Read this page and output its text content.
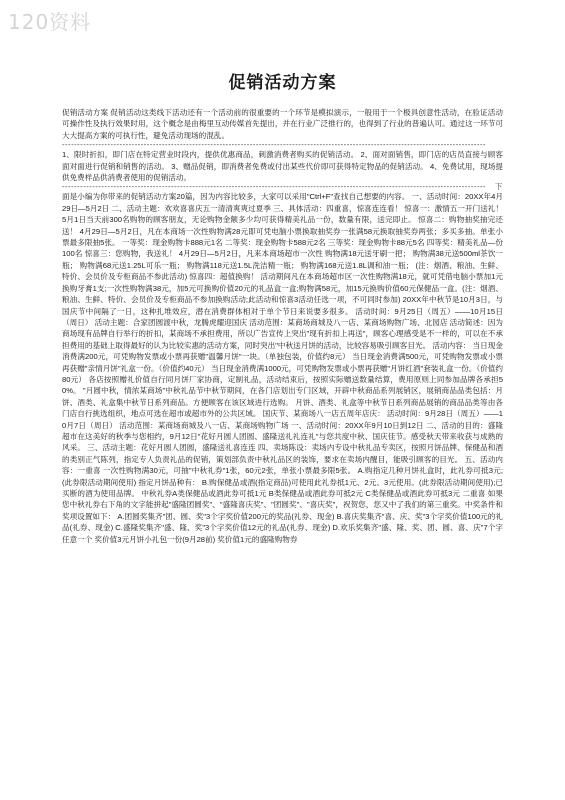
120资料
促销活动方案

促销活动方案 促销活动这类线下活动还有一个活动前的很重要的一个环节是模拟演示，一般用于一个极具创意性活动，在验证活动可操作性及执行效果时用，这个概念是由梅里互动传媒首先提出，并在行业广泛推行的，也得到了行业的普遍认可。通过这一环节可大大提高方案的可执行性，避免活动现场的混乱。

--------------------------------------------------------------------------------------------------------------------------------------------

1、限时折扣，即门店在特定营业时段内，提供优惠商品，刺激消费者购买的促销活动。 2、面对面销售，即门店的店员直接与顾客面对面进行促销和销售的活动。 3、赠品促销，即消费者免费或付出某些代价即可获得特定物品的促销活动。 4、免费试用，现场提供免费样品供消费者使用的促销活动。

--------------------------------------------------------------------------------------------------------------------------------------------	下

面是小编为你带来的促销活动方案20篇，因为内容比较多，大家可以采用"Ctrl+F"查找自己想要的内容。 一、活动时间：20XX年4月29日—5月2日 二、活动主题：欢欢喜喜庆五一清清爽爽过夏季 三、具体活动：四重喜，惊喜连连看！ 惊喜一：激情五一开门送礼！ 5月1日当天前300名购物的顾客朋友，无论购物金额多少均可获得精美礼品一份，数量有限，送完即止。 惊喜二：购物抽奖抽完还送！ 4月29日—5月2日，凡在本商场一次性购物满28元即可凭电脑小票换取抽奖券一张满58元换取抽奖券两张；多买多抽。单张小票最多限抽5张。 一等奖：现金购物卡888元1名 二等奖：现金购物卡588元2名 三等奖：现金购物卡88元5名 四等奖：精美礼品—份100名 惊喜三：您购物，我送礼！ 4月29日—5月2日，凡来本商场超市一次性 购物满18元送牙刷一把； 购物满38元送500ml茶饮一瓶； 购物满68元送1.25L可乐一瓶； 购物满118元送1.5L洗洁精一瓶； 购物满168元送1.8L调和油一瓶； (注：烟酒、粮油、生鲜、特价、会员价及专柜商品不参此活动) 惊喜四：超值换购！ 活动期间凡在本商场超市区一次性购物满18元，就可凭借电脑小票加1元换购牙膏1支;一次性购物满38元，加5元可换购价值20元的礼品盒一盒;购物满58元，加15元换购价值60元保健品一盒。(注：烟酒、粮油、生鲜、特价、会员价及专柜商品不参加换购活动;此活动和惊喜3活动任选一项，不可同时参加) 20XX年中秋节是10月3日，与国庆节中间隔了一日，这种扎堆效应，潜在消费群体相对于单个节日来说要多很多。 活动时间：9月25日（周五）——10月15日（周日） 活动主题：合家团圆渡中秋，龙腾虎耀迎国庆 活动范围：某商场商城及八一店、某商场购物广场、北园店 活动简述：因为商场现有品牌自行举行的折扣，某商场不承担费用，所以广告宣传上突出"现有折扣上再送"，顾客心理感受是不一样的，可以在不承担费用的基础上取得最好的认为比较实惠的活动方案，同时突出"中秋送月饼的活动，比较容易吸引顾客目光。 活动内容： 当日现金消费满200元，可凭购物发票或小票再获赠"温馨月饼"一块。（单独包装，价值约8元） 当日现金消费满500元，可凭购物发票或小票再获赠"亲情月饼"礼盒一份。（价值约40元） 当日现金消费满1000元，可凭购物发票或小票再获赠"月饼红酒"套装礼盒一份。（价值约80元） 各店按照赠礼价值自行同月饼厂家协商，定制礼品，活动结束后，按照实际赠送数量结算，费用原则上同参加品牌各承担50%。 "月圆中秋，情浓某商场"中秋礼品节中秋节期间，在各门店划出专门区域，开辟中秋商品系列展销区，展销商品品类包括：月饼、酒类、礼盒集中秋节日系列商品。方便顾客在该区域进行选购。 月饼、酒类、礼盒等中秋节日系列商品展销的商品品类等由各门店自行挑选组织，地点可选在超市或超市外的公共区域。 国庆节、某商场八一店五周年店庆： 活动时间：9月28日（周五）——10月7日（周日） 活动范围：某商场商城及八一店、某商场购物广场 一、活动时间：20XX年9月10日到12日 二、活动的目的：盛隆超市在这美好的秋季与您相约，9月12日"花好月圆人团圆、盛隆送礼礼连礼"与您共度中秋、国庆佳节。感受秋天带来收获与成熟的风采。 三、活动主题：花好月圆人团圆，盛隆送礼喜连连 四、卖场陈设：卖场内专设中秋礼品专卖区，按照月饼品牌、保健品和酒的类别正气陈列，指定专人负责礼品的促销，策划部负责中秋礼品区的装饰，要求在卖场内醒目，能吸引顾客的目光。 五、活动内容：一重喜 一次性购物满30元，可抽"中秋礼券"1张，60元2张，单张小票最多限5张。 A.购指定几种月饼礼盒时，此礼券可抵3元;(此券限活动期间使用) 指定月饼品种有： B.购保健品或酒(指定商品)可使用此礼券抵1元、2元、3元使用。(此券限活动期间使用);已买断的酒为使用品牌。 中秋礼券A类保健品或酒此券可抵1元 B类保健品或酒此券可抵2元 C类保健品或酒此券可抵3元 二重喜 如果您中秋礼券右下角的文字能拼起"盛隆团圆奖"、"盛隆喜庆奖"、"团圆奖"、"喜庆奖"，祝贺您，您又中了我们的第三重奖。中奖条件和奖项设置如下： A.团圆奖集齐"团、圆、奖"3个字奖价值200元的奖品(礼券、现金) B.喜庆奖集齐"喜、庆、奖"3个字奖价值100元的礼品(礼券、现金) C.盛隆奖集齐"盛、隆、奖"3个字奖价值12元的礼品(礼券、现金) D.欢乐奖集齐"盛、隆、奖、团、圆、喜、庆"7个字任意一个 奖价值3元月饼小礼包一份(9月28前) 奖价值1元的盛隆购物券
